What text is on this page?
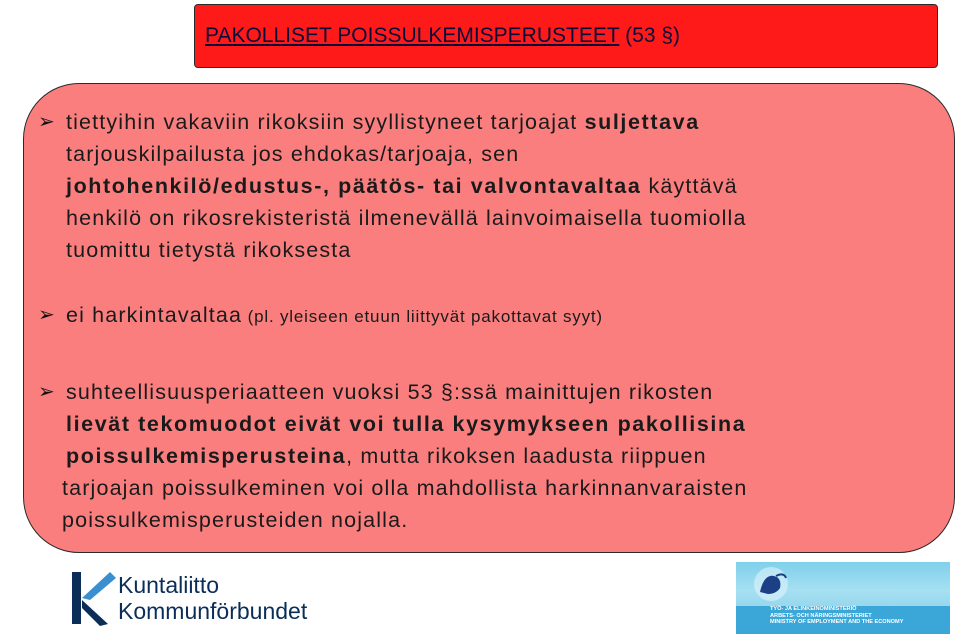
PAKOLLISET POISSULKEMISPERUSTEET (53 §)
➢ tiettyihin vakaviin rikoksiin syyllistyneet tarjoajat suljettava
tarjouskilpailusta jos ehdokas/tarjoaja, sen
johtohenkilö/edustus-, päätös- tai valvontavaltaa käyttävä
henkilö on rikosrekisteristä ilmenevällä lainvoimaisella tuomiolla
tuomittu tietystä rikoksesta
➢ ei harkintavaltaa (pl. yleiseen etuun liittyvät pakottavat syyt)
➢ suhteellisuusperiaatteen vuoksi 53 §:ssä mainittujen rikosten
lievät tekomuodot eivät voi tulla kysymykseen pakollisina
poissulkemisperusteina, mutta rikoksen laadusta riippuen
tarjoajan poissulkeminen voi olla mahdollista harkinnanvaraisten
poissulkemisperusteiden nojalla.
Kuntaliitto
Kommunförbundet	TYÖ- JA ELINKEINOMINISTERIÖ
ARBETS- OCH NÄRINGSMINISTERIET
MINISTRY OF EMPLOYMENT AND THE ECONOMY
